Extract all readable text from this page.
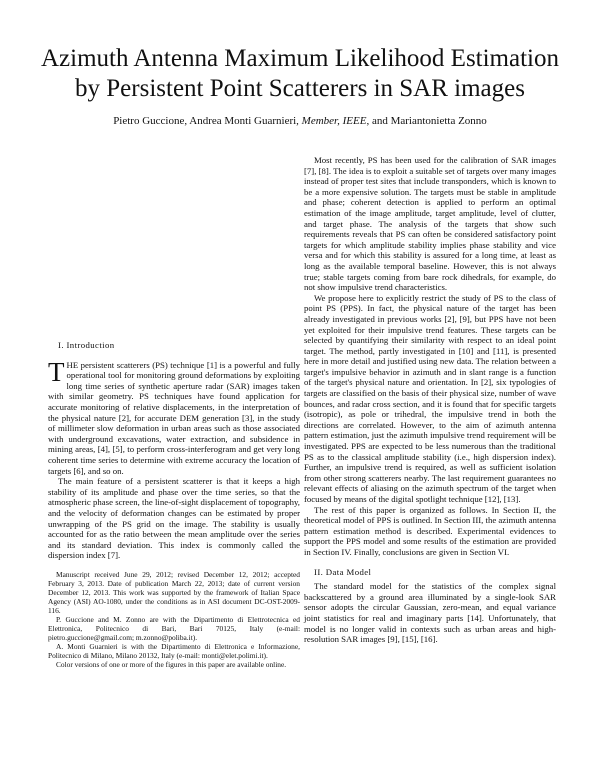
Azimuth Antenna Maximum Likelihood Estimation
by Persistent Point Scatterers in SAR images
Pietro Guccione, Andrea Monti Guarnieri, Member, IEEE, and Mariantonietta Zonno

I. Introduction

THE persistent scatterers (PS) technique [1] is a powerful and fully operational tool for monitoring ground deformations by exploiting long time series of synthetic aperture radar (SAR) images taken with similar geometry. PS techniques have found application for accurate monitoring of relative displacements, in the interpretation of the physical nature [2], for accurate DEM generation [3], in the study of millimeter slow deformation in urban areas such as those associated with underground excavations, water extraction, and subsidence in mining areas, [4], [5], to perform cross-interferogram and get very long coherent time series to determine with extreme accuracy the location of targets [6], and so on.

The main feature of a persistent scatterer is that it keeps a high stability of its amplitude and phase over the time series, so that the atmospheric phase screen, the line-of-sight displacement of topography, and the velocity of deformation changes can be estimated by proper unwrapping of the PS grid on the image. The stability is usually accounted for as the ratio between the mean amplitude over the series and its standard deviation. This index is commonly called the dispersion index [7].

Manuscript received June 29, 2012; revised December 12, 2012; accepted February 3, 2013. Date of publication March 22, 2013; date of current version December 12, 2013. This work was supported by the framework of Italian Space Agency (ASI) AO-1080, under the conditions as in ASI document DC-OST-2009-116.

P. Guccione and M. Zonno are with the Dipartimento di Elettrotecnica ed Elettronica, Politecnico di Bari, Bari 70125, Italy (e-mail: pietro.guccione@gmail.com; m.zonno@poliba.it).

A. Monti Guarnieri is with the Dipartimento di Elettronica e Informazione, Politecnico di Milano, Milano 20132, Italy (e-mail: monti@elet.polimi.it).

Color versions of one or more of the figures in this paper are available online.

Most recently, PS has been used for the calibration of SAR images [7], [8]. The idea is to exploit a suitable set of targets over many images instead of proper test sites that include transponders, which is known to be a more expensive solution. The targets must be stable in amplitude and phase; coherent detection is applied to perform an optimal estimation of the image amplitude, target amplitude, level of clutter, and target phase. The analysis of the targets that show such requirements reveals that PS can often be considered satisfactory point targets for which amplitude stability implies phase stability and vice versa and for which this stability is assured for a long time, at least as long as the available temporal baseline. However, this is not always true; stable targets coming from bare rock dihedrals, for example, do not show impulsive trend characteristics.

We propose here to explicitly restrict the study of PS to the class of point PS (PPS). In fact, the physical nature of the target has been already investigated in previous works [2], [9], but PPS have not been yet exploited for their impulsive trend features. These targets can be selected by quantifying their similarity with respect to an ideal point target. The method, partly investigated in [10] and [11], is presented here in more detail and justified using new data. The relation between a target's impulsive behavior in azimuth and in slant range is a function of the target's physical nature and orientation. In [2], six typologies of targets are classified on the basis of their physical size, number of wave bounces, and radar cross section, and it is found that for specific targets (isotropic), as pole or trihedral, the impulsive trend in both the directions are correlated. However, to the aim of azimuth antenna pattern estimation, just the azimuth impulsive trend requirement will be investigated. PPS are expected to be less numerous than the traditional PS as to the classical amplitude stability (i.e., high dispersion index). Further, an impulsive trend is required, as well as sufficient isolation from other strong scatterers nearby. The last requirement guarantees no relevant effects of aliasing on the azimuth spectrum of the target when focused by means of the digital spotlight technique [12], [13].

The rest of this paper is organized as follows. In Section II, the theoretical model of PPS is outlined. In Section III, the azimuth antenna pattern estimation method is described. Experimental evidences to support the PPS model and some results of the estimation are provided in Section IV. Finally, conclusions are given in Section VI.

II. Data Model

The standard model for the statistics of the complex signal backscattered by a ground area illuminated by a single-look SAR sensor adopts the circular Gaussian, zero-mean, and equal variance joint statistics for real and imaginary parts [14]. Unfortunately, that model is no longer valid in contexts such as urban areas and high-resolution SAR images [9], [15], [16].
